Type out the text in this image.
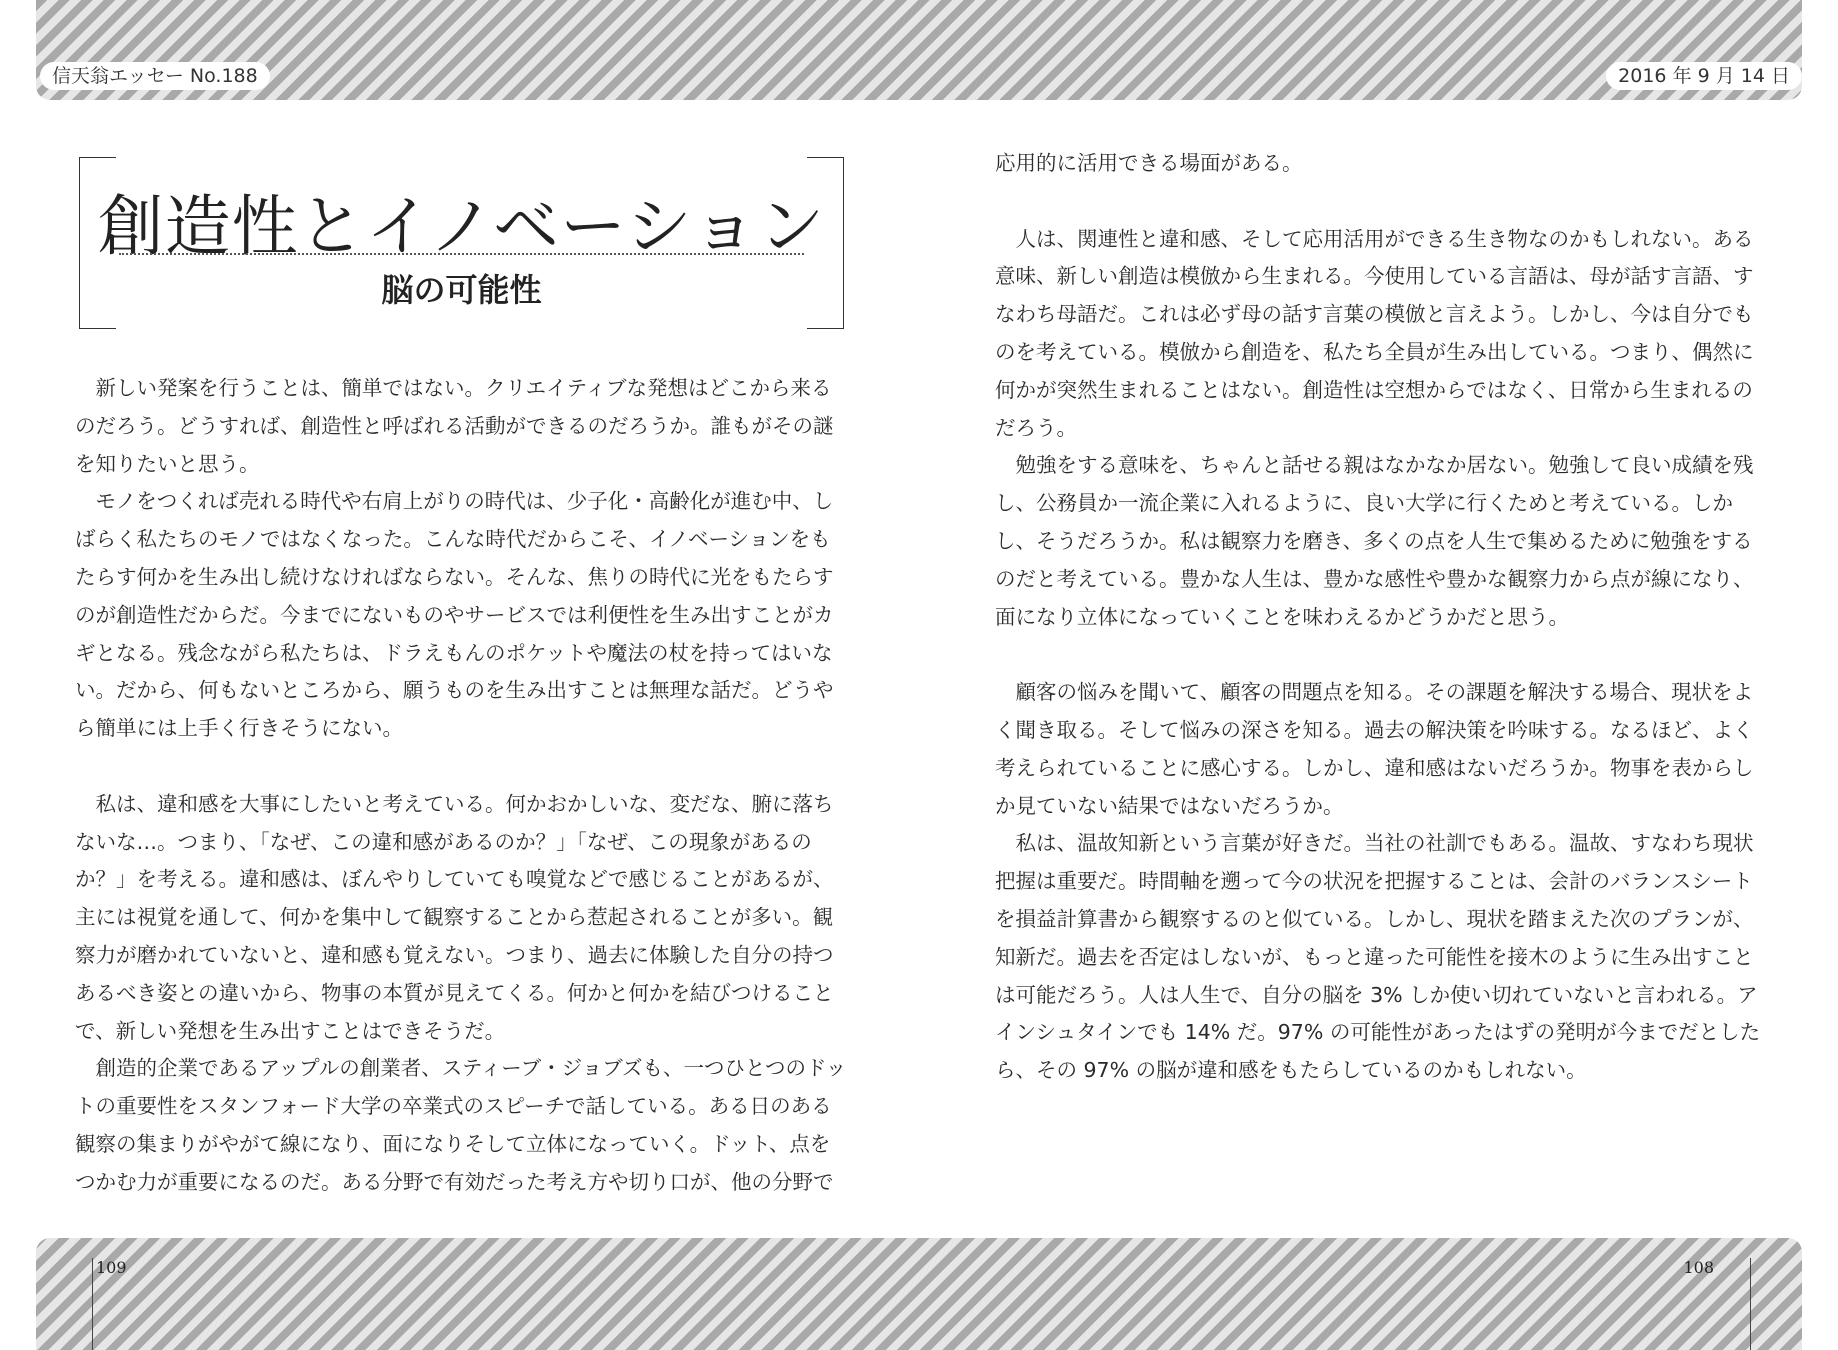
信天翁エッセー No.188	2016 年 9 月 14 日
創造性とイノベーション
脳の可能性

新しい発案を行うことは、簡単ではない。クリエイティブな発想はどこから来るのだろう。どうすれば、創造性と呼ばれる活動ができるのだろうか。誰もがその謎を知りたいと思う。

モノをつくれば売れる時代や右肩上がりの時代は、少子化・高齢化が進む中、しばらく私たちのモノではなくなった。こんな時代だからこそ、イノベーションをもたらす何かを生み出し続けなければならない。そんな、焦りの時代に光をもたらすのが創造性だからだ。今までにないものやサービスでは利便性を生み出すことがカギとなる。残念ながら私たちは、ドラえもんのポケットや魔法の杖を持ってはいない。だから、何もないところから、願うものを生み出すことは無理な話だ。どうやら簡単には上手く行きそうにない。

私は、違和感を大事にしたいと考えている。何かおかしいな、変だな、腑に落ちないな…。つまり、「なぜ、この違和感があるのか？」「なぜ、この現象があるのか？」を考える。違和感は、ぼんやりしていても嗅覚などで感じることがあるが、主には視覚を通して、何かを集中して観察することから惹起されることが多い。観察力が磨かれていないと、違和感も覚えない。つまり、過去に体験した自分の持つあるべき姿との違いから、物事の本質が見えてくる。何かと何かを結びつけることで、新しい発想を生み出すことはできそうだ。

創造的企業であるアップルの創業者、スティーブ・ジョブズも、一つひとつのドットの重要性をスタンフォード大学の卒業式のスピーチで話している。ある日のある観察の集まりがやがて線になり、面になりそして立体になっていく。ドット、点をつかむ力が重要になるのだ。ある分野で有効だった考え方や切り口が、他の分野で

応用的に活用できる場面がある。

人は、関連性と違和感、そして応用活用ができる生き物なのかもしれない。ある意味、新しい創造は模倣から生まれる。今使用している言語は、母が話す言語、すなわち母語だ。これは必ず母の話す言葉の模倣と言えよう。しかし、今は自分でものを考えている。模倣から創造を、私たち全員が生み出している。つまり、偶然に何かが突然生まれることはない。創造性は空想からではなく、日常から生まれるのだろう。

勉強をする意味を、ちゃんと話せる親はなかなか居ない。勉強して良い成績を残し、公務員か一流企業に入れるように、良い大学に行くためと考えている。しかし、そうだろうか。私は観察力を磨き、多くの点を人生で集めるために勉強をするのだと考えている。豊かな人生は、豊かな感性や豊かな観察力から点が線になり、面になり立体になっていくことを味わえるかどうかだと思う。

顧客の悩みを聞いて、顧客の問題点を知る。その課題を解決する場合、現状をよく聞き取る。そして悩みの深さを知る。過去の解決策を吟味する。なるほど、よく考えられていることに感心する。しかし、違和感はないだろうか。物事を表からしか見ていない結果ではないだろうか。

私は、温故知新という言葉が好きだ。当社の社訓でもある。温故、すなわち現状把握は重要だ。時間軸を遡って今の状況を把握することは、会計のバランスシートを損益計算書から観察するのと似ている。しかし、現状を踏まえた次のプランが、知新だ。過去を否定はしないが、もっと違った可能性を接木のように生み出すことは可能だろう。人は人生で、自分の脳を 3% しか使い切れていないと言われる。アインシュタインでも 14% だ。97% の可能性があったはずの発明が今までだとしたら、その 97% の脳が違和感をもたらしているのかもしれない。

109	108
